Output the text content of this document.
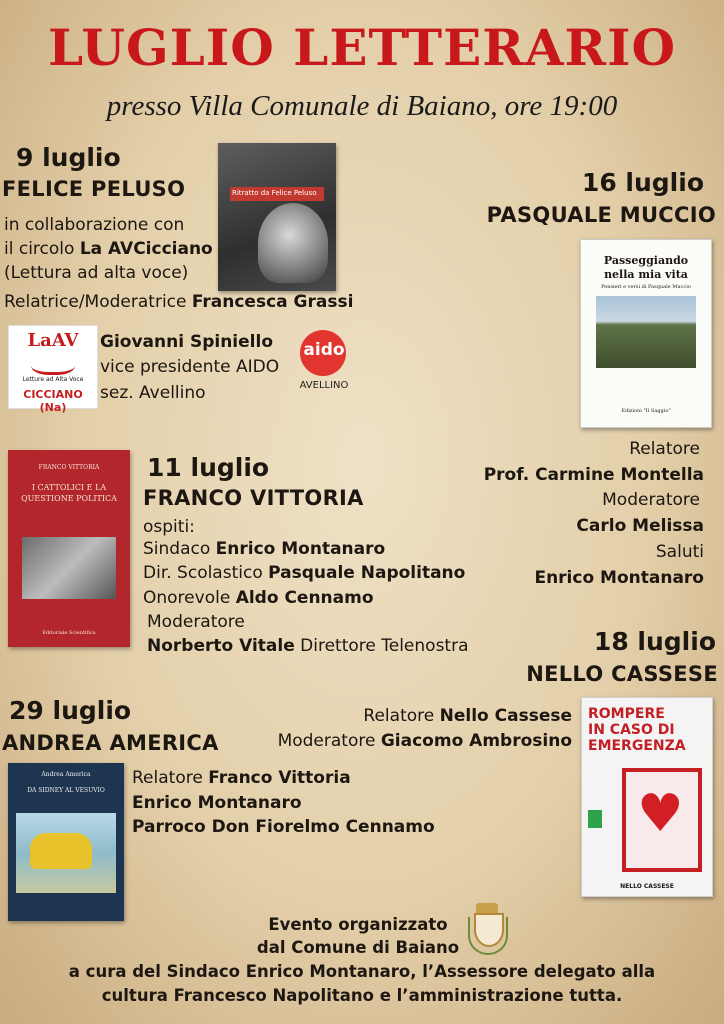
LUGLIO LETTERARIO
presso Villa Comunale di Baiano, ore 19:00
9 luglio
FELICE PELUSO
in collaborazione con
il circolo La AVCicciano
(Lettura ad alta voce)
Relatrice/Moderatrice Francesca Grassi
Ritratto da Felice Peluso
LaAV
Letture ad Alta Voce
CICCIANO (Na)
Giovanni Spiniello
vice presidente AIDO
sez. Avellino
aido
AVELLINO
16 luglio
PASQUALE MUCCIO
Passeggiando nella mia vita
Pensieri e versi di Pasquale Muccio
Edizioni "Il Saggio"
Relatore
Prof. Carmine Montella
Moderatore
Carlo Melissa
Saluti
Enrico Montanaro
FRANCO VITTORIA
I CATTOLICI E LA QUESTIONE POLITICA
Editoriale Scientifica
11 luglio
FRANCO VITTORIA
ospiti:
Sindaco Enrico Montanaro
Dir. Scolastico Pasquale Napolitano
Onorevole Aldo Cennamo
Moderatore
Norberto Vitale Direttore Telenostra	18 luglio
NELLO CASSESE
Relatore Nello Cassese
Moderatore Giacomo Ambrosino
ROMPERE
IN CASO DI
EMERGENZA
♥
NELLO CASSESE
29 luglio
ANDREA AMERICA
Andrea America
DA SIDNEY AL VESUVIO
Relatore Franco Vittoria
Enrico Montanaro
Parroco Don Fiorelmo Cennamo
Evento organizzato
dal Comune di Baiano
a cura del Sindaco Enrico Montanaro, l’Assessore delegato alla
cultura Francesco Napolitano e l’amministrazione tutta.
